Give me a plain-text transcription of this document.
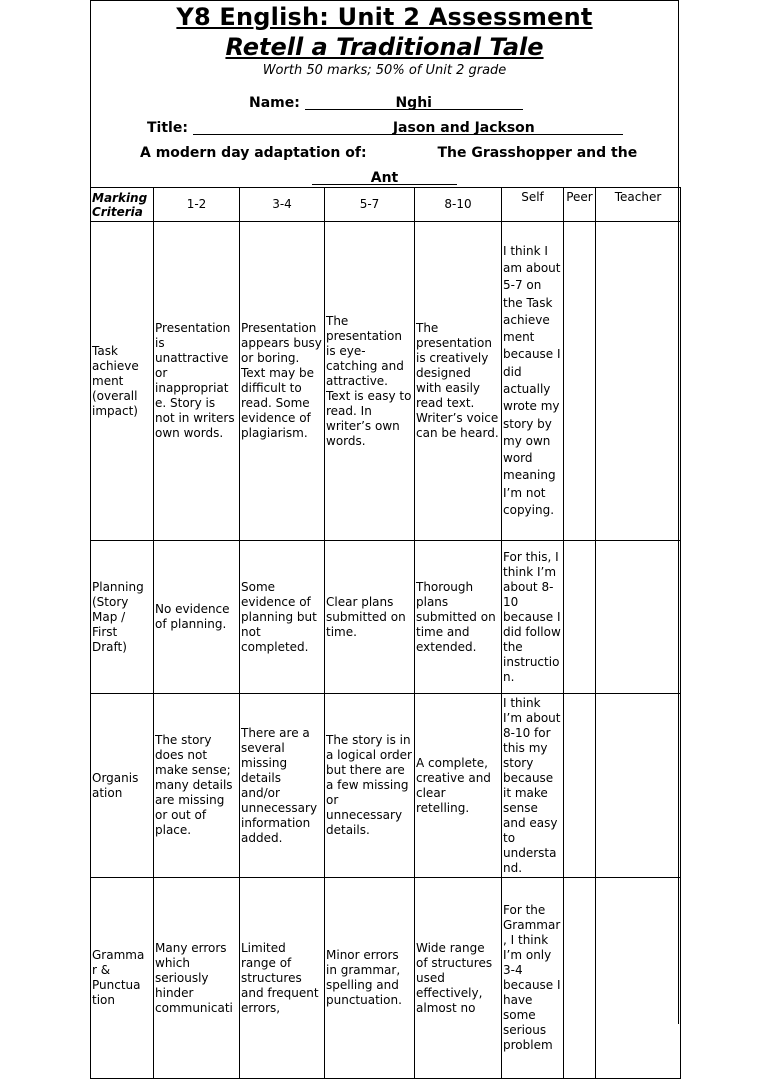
Y8 English: Unit 2 Assessment
Retell a Traditional Tale
Worth 50 marks; 50% of Unit 2 grade
Name:	Nghi
Title:	Jason and Jackson
A modern day adaptation of:	The Grasshopper and the
Ant
Marking Criteria	1-2	3-4	5-7	8-10	Self	Peer	Teacher
Task achieve ment (overall impact)	Presentation is unattractive or inappropriat e. Story is not in writers own words.	Presentation appears busy or boring. Text may be difficult to read. Some evidence of plagiarism.	The presentation is eye-catching and attractive. Text is easy to read. In writer’s own words.	The presentation is creatively designed with easily read text. Writer’s voice can be heard.	I think I am about 5-7 on the Task achieve ment because I did actually wrote my story by my own word meaning I’m not copying.		
Planning (Story Map / First Draft)	No evidence of planning.	Some evidence of planning but not completed.	Clear plans submitted on time.	Thorough plans submitted on time and extended.	For this, I think I’m about 8-10 because I did follow the instructio n.		
Organis ation	The story does not make sense; many details are missing or out of place.	There are a several missing details and/or unnecessary information added.	The story is in a logical order but there are a few missing or unnecessary details.	A complete, creative and clear retelling.	I think I’m about 8-10 for this my story because it make sense and easy to understa nd.		
Gramma r & Punctua tion	Many errors which seriously hinder communicati	Limited range of structures and frequent errors,	Minor errors in grammar, spelling and punctuation.	Wide range of structures used effectively, almost no	For the Grammar , I think I’m only 3-4 because I have some serious problem		
